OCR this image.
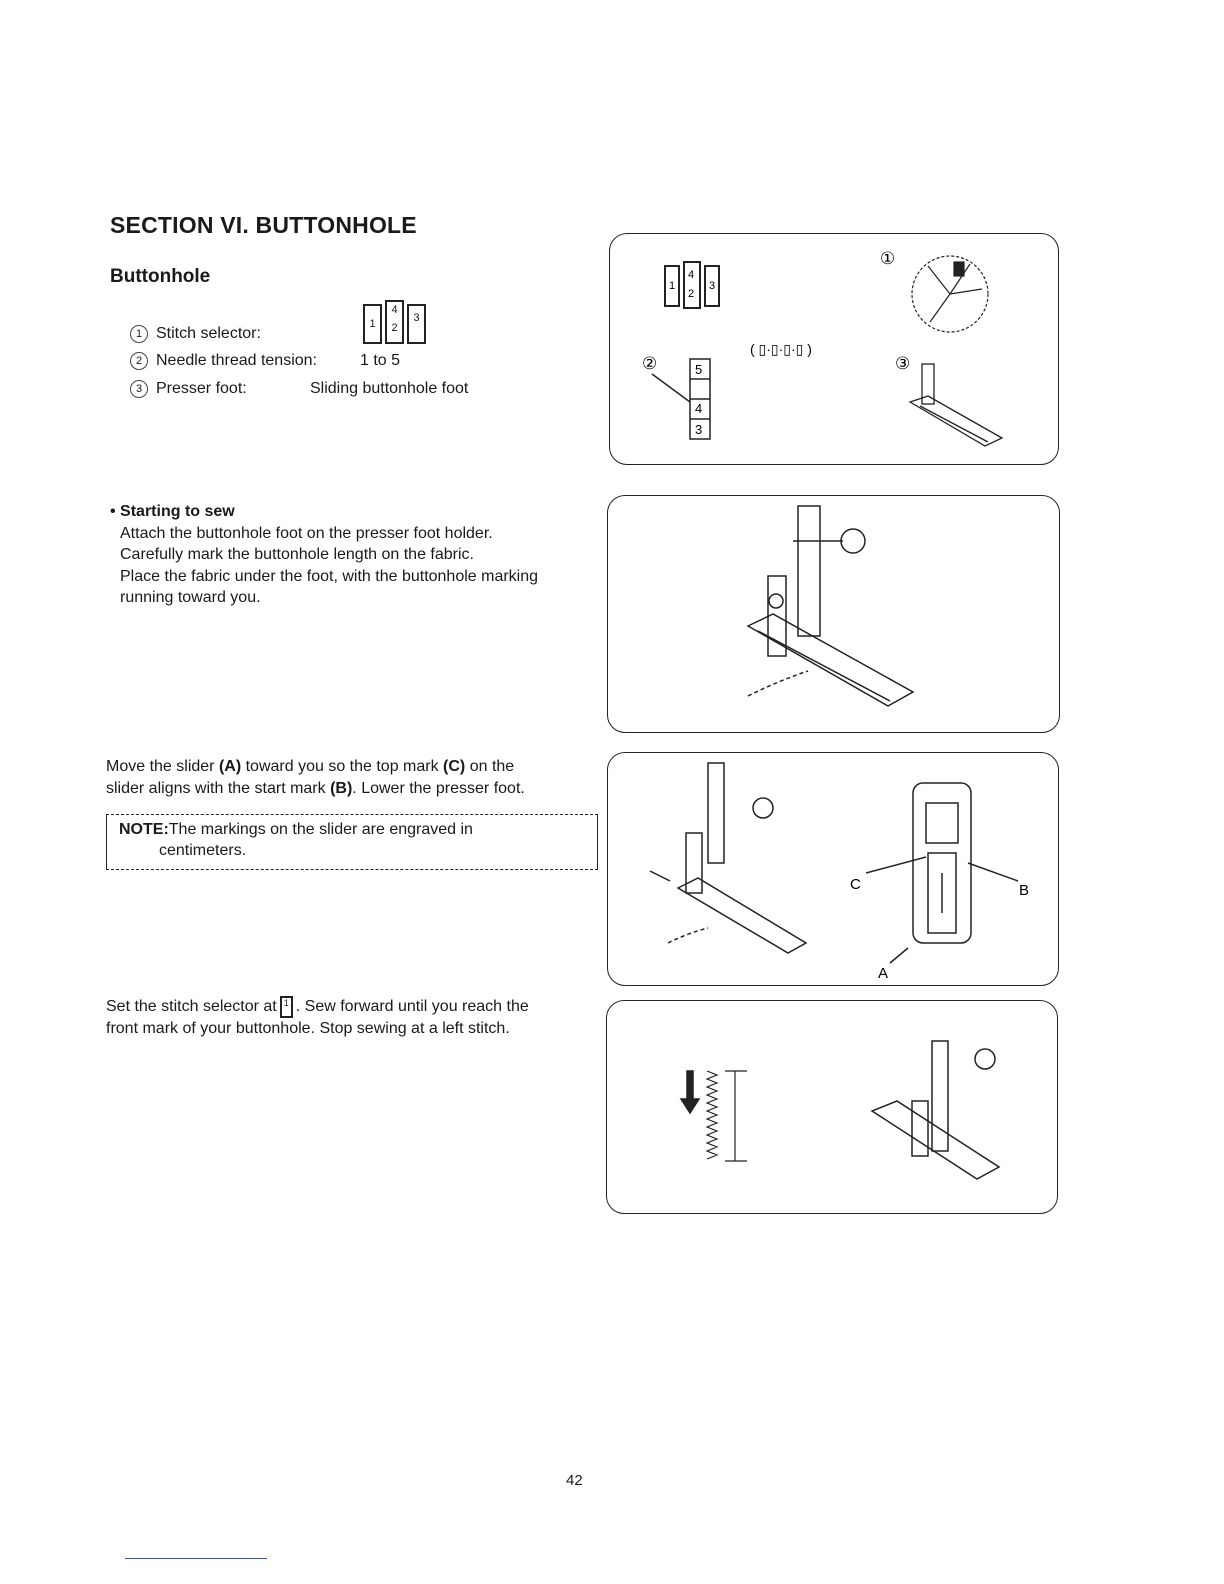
SECTION VI. BUTTONHOLE
Buttonhole
1 Stitch selector:
1
4
2
3
2 Needle thread tension:	1 to 5
3 Presser foot:	Sliding buttonhole foot
• Starting to sew
Attach the buttonhole foot on the presser foot holder.
Carefully mark the buttonhole length on the fabric.
Place the fabric under the foot, with the buttonhole marking
running toward you.
Move the slider (A) toward you so the top mark (C) on the
slider aligns with the start mark (B). Lower the presser foot.
NOTE:The markings on the slider are engraved in
centimeters.
Set the stitch selector at 1 . Sew forward until you reach the
front mark of your buttonhole. Stop sewing at a left stitch.
1
4
2
3
( ▯·▯·▯·▯ )
①
②	③
5
4
3
C	B
A
42
